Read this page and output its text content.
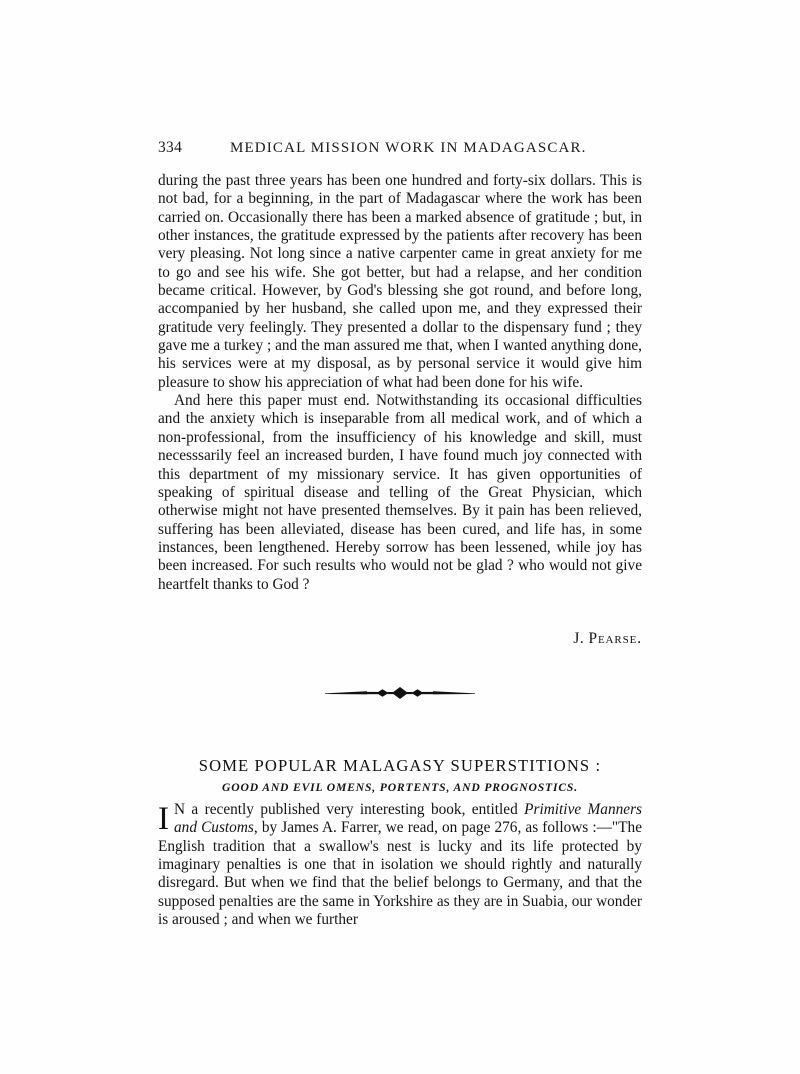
334	MEDICAL MISSION WORK IN MADAGASCAR.

during the past three years has been one hundred and forty-six dollars. This is not bad, for a beginning, in the part of Madagascar where the work has been carried on. Occasionally there has been a marked absence of gratitude ; but, in other instances, the gratitude expressed by the patients after recovery has been very pleasing. Not long since a native carpenter came in great anxiety for me to go and see his wife. She got better, but had a relapse, and her condition became critical. However, by God's blessing she got round, and before long, accompanied by her husband, she called upon me, and they expressed their gratitude very feelingly. They presented a dollar to the dispensary fund ; they gave me a turkey ; and the man assured me that, when I wanted anything done, his services were at my disposal, as by personal service it would give him pleasure to show his appreciation of what had been done for his wife.

And here this paper must end. Notwithstanding its occasional difficulties and the anxiety which is inseparable from all medical work, and of which a non-professional, from the insufficiency of his knowledge and skill, must necesssarily feel an increased burden, I have found much joy connected with this department of my missionary service. It has given opportunities of speaking of spiritual disease and telling of the Great Physician, which otherwise might not have presented themselves. By it pain has been relieved, suffering has been alleviated, disease has been cured, and life has, in some instances, been lengthened. Hereby sorrow has been lessened, while joy has been increased. For such results who would not be glad ? who would not give heartfelt thanks to God ?

J. Pearse.
SOME POPULAR MALAGASY SUPERSTITIONS :
GOOD AND EVIL OMENS, PORTENTS, AND PROGNOSTICS.

I N a recently published very interesting book, entitled Primitive Manners and Customs, by James A. Farrer, we read, on page 276, as follows :—"The English tradition that a swallow's nest is lucky and its life protected by imaginary penalties is one that in isolation we should rightly and naturally disregard. But when we find that the belief belongs to Germany, and that the supposed penalties are the same in Yorkshire as they are in Suabia, our wonder is aroused ; and when we further
